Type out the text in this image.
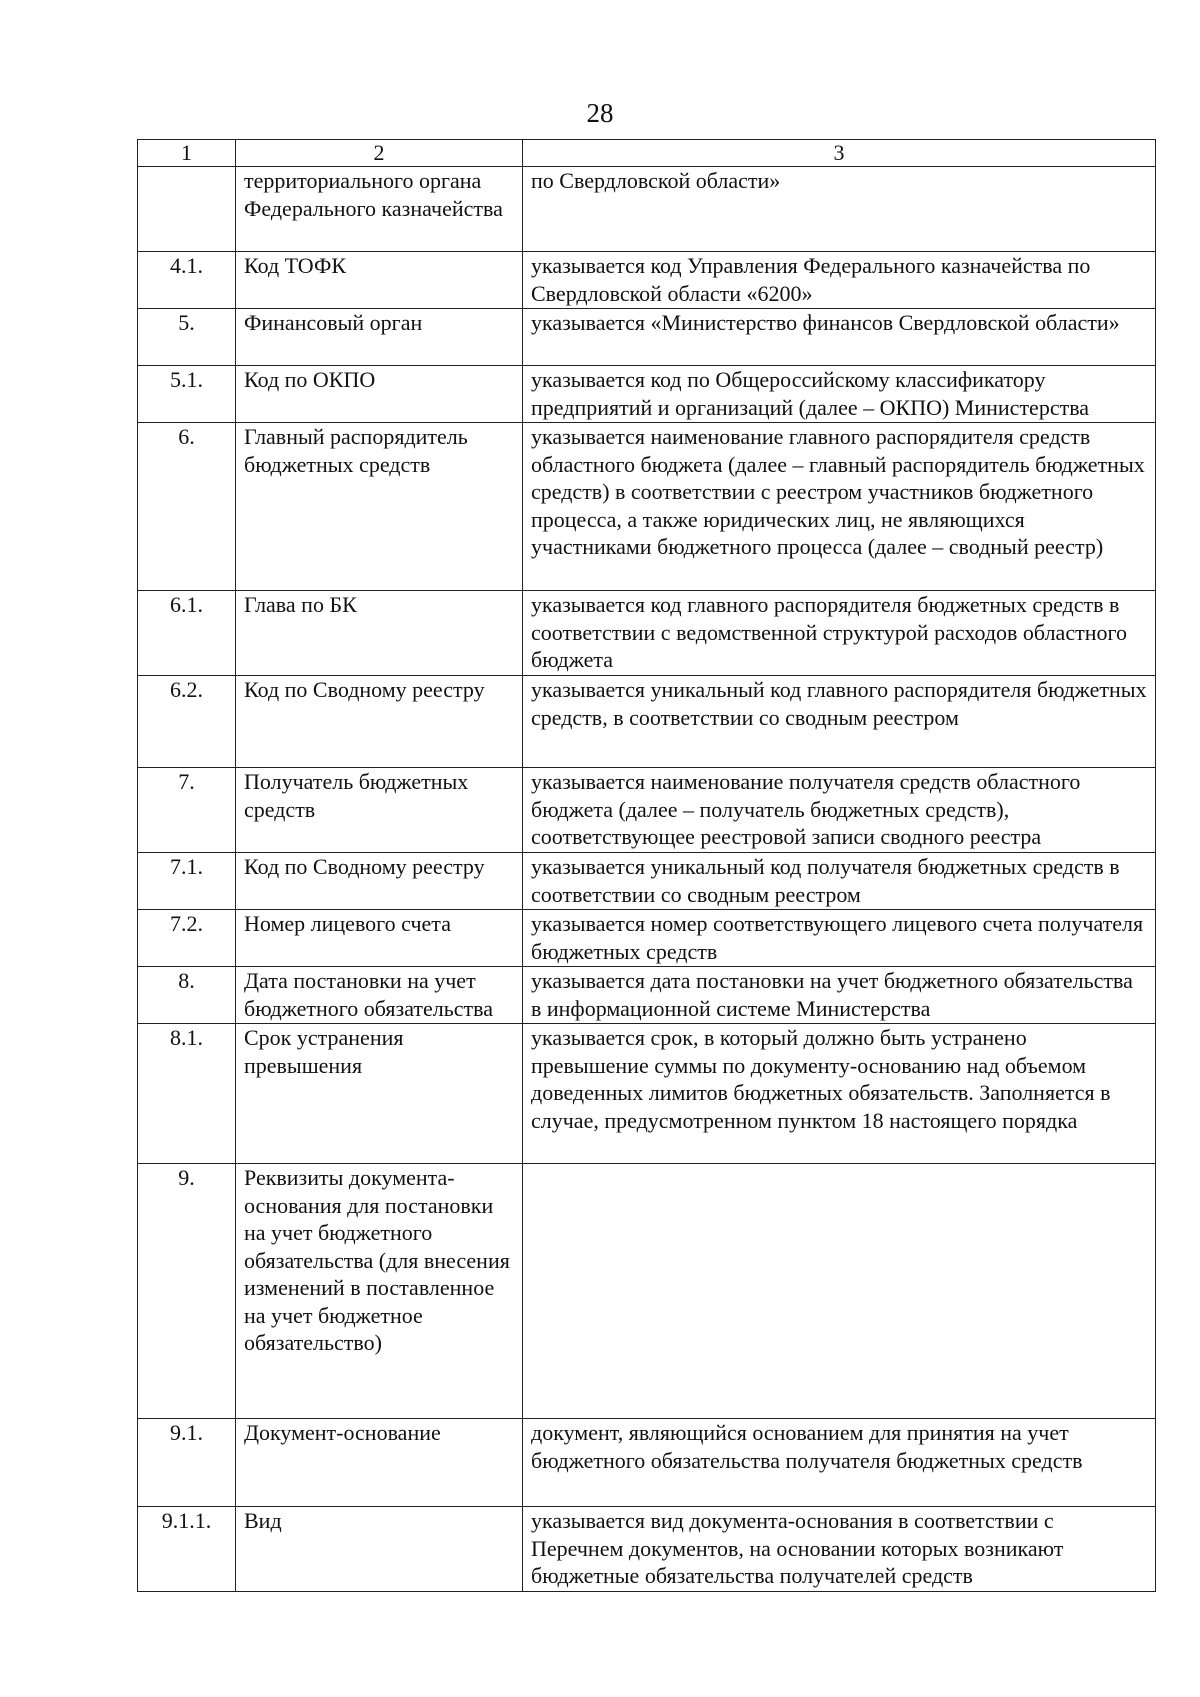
28
1	2	3
	территориального органа Федерального казначейства	по Свердловской области»
4.1.	Код ТОФК	указывается код Управления Федерального казначейства по Свердловской области «6200»
5.	Финансовый орган	указывается «Министерство финансов Свердловской области»
5.1.	Код по ОКПО	указывается код по Общероссийскому классификатору предприятий и организаций (далее – ОКПО) Министерства
6.	Главный распорядитель бюджетных средств	указывается наименование главного распорядителя средств областного бюджета (далее – главный распорядитель бюджетных средств) в соответствии с реестром участников бюджетного процесса, а также юридических лиц, не являющихся участниками бюджетного процесса (далее – сводный реестр)
6.1.	Глава по БК	указывается код главного распорядителя бюджетных средств в соответствии с ведомственной структурой расходов областного бюджета
6.2.	Код по Сводному реестру	указывается уникальный код главного распорядителя бюджетных средств, в соответствии со сводным реестром
7.	Получатель бюджетных средств	указывается наименование получателя средств областного бюджета (далее – получатель бюджетных средств), соответствующее реестровой записи сводного реестра
7.1.	Код по Сводному реестру	указывается уникальный код получателя бюджетных средств в соответствии со сводным реестром
7.2.	Номер лицевого счета	указывается номер соответствующего лицевого счета получателя бюджетных средств
8.	Дата постановки на учет бюджетного обязательства	указывается дата постановки на учет бюджетного обязательства в информационной системе Министерства
8.1.	Срок устранения превышения	указывается срок, в который должно быть устранено превышение суммы по документу-основанию над объемом доведенных лимитов бюджетных обязательств. Заполняется в случае, предусмотренном пунктом 18 настоящего порядка
9.	Реквизиты документа-основания для постановки на учет бюджетного обязательства (для внесения изменений в поставленное на учет бюджетное обязательство)	
9.1.	Документ-основание	документ, являющийся основанием для принятия на учет бюджетного обязательства получателя бюджетных средств
9.1.1.	Вид	указывается вид документа-основания в соответствии с Перечнем документов, на основании которых возникают бюджетные обязательства получателей средств
